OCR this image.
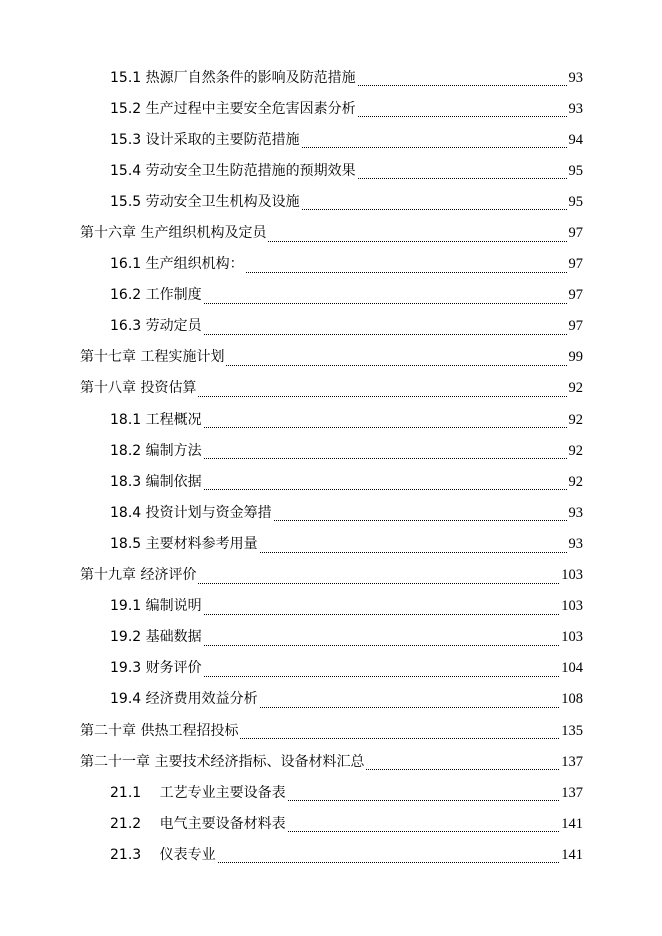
15.1 热源厂自然条件的影响及防范措施	93
15.2 生产过程中主要安全危害因素分析	93
15.3 设计采取的主要防范措施	94
15.4 劳动安全卫生防范措施的预期效果	95
15.5 劳动安全卫生机构及设施	95
第十六章 生产组织机构及定员	97
16.1 生产组织机构：	97
16.2 工作制度	97
16.3 劳动定员	97
第十七章 工程实施计划	99
第十八章 投资估算	92
18.1 工程概况	92
18.2 编制方法	92
18.3 编制依据	92
18.4 投资计划与资金筹措	93
18.5 主要材料参考用量	93
第十九章 经济评价	103
19.1 编制说明	103
19.2 基础数据	103
19.3 财务评价	104
19.4 经济费用效益分析	108
第二十章 供热工程招投标	135
第二十一章 主要技术经济指标、设备材料汇总	137
21.1　 工艺专业主要设备表	137
21.2　 电气主要设备材料表	141
21.3　 仪表专业	141
